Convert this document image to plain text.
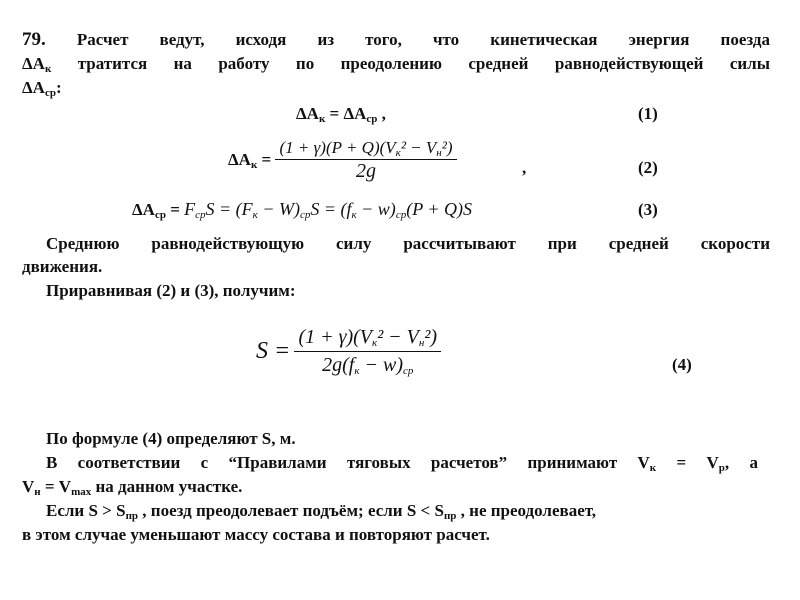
79. Расчет ведут, исходя из того, что кинетическая энергия поезда
$\Delta A_к$ тратится на работу по преодолению средней равнодействующей силы
$\Delta A_{ср}$:
$\Delta A_к = \Delta A_{ср}$ ,	(1)
$\Delta A_к = \frac{(1 + \gamma)(P + Q)(V_к^2 - V_н^2)}{2g}$	,	(2)
$\Delta A_{ср} = F_{ср}S = (F_к - W)_{ср}S = (f_к - w)_{ср}(P + Q)S$	(3)
Среднюю равнодействующую силу рассчитывают при средней скорости
движения.
Приравнивая (2) и (3), получим:
$S = \frac{(1 + \gamma)(V_к^2 - V_н^2)}{2g(f_к - w)_{ср}}$	(4)
По формуле (4) определяют S, м.
В соответствии с “Правилами тяговых расчетов” принимают $V_к = V_р$, а
$V_н = V_{max}$ на данном участке.
Если $S > S_{пр}$ , поезд преодолевает подъём; если $S < S_{пр}$ , не преодолевает,
в этом случае уменьшают массу состава и повторяют расчет.
